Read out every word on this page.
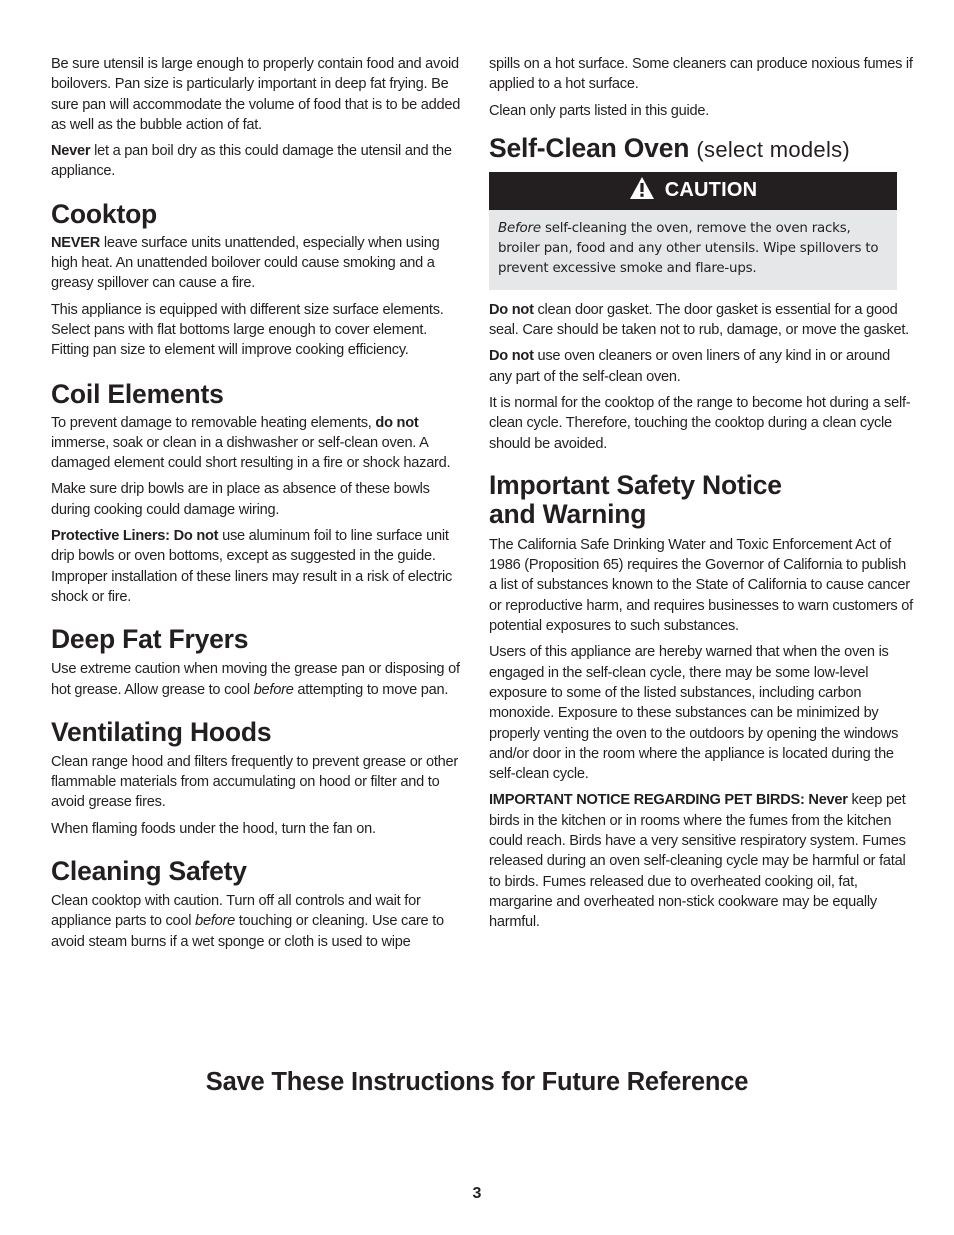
Be sure utensil is large enough to properly contain food and avoid boilovers. Pan size is particularly important in deep fat frying. Be sure pan will accommodate the volume of food that is to be added as well as the bubble action of fat.

Never let a pan boil dry as this could damage the utensil and the appliance.

Cooktop

NEVER leave surface units unattended, especially when using high heat. An unattended boilover could cause smoking and a greasy spillover can cause a fire.

This appliance is equipped with different size surface elements. Select pans with flat bottoms large enough to cover element. Fitting pan size to element will improve cooking efficiency.

Coil Elements

To prevent damage to removable heating elements, do not immerse, soak or clean in a dishwasher or self-clean oven. A damaged element could short resulting in a fire or shock hazard.

Make sure drip bowls are in place as absence of these bowls during cooking could damage wiring.

Protective Liners: Do not use aluminum foil to line surface unit drip bowls or oven bottoms, except as suggested in the guide. Improper installation of these liners may result in a risk of electric shock or fire.

Deep Fat Fryers

Use extreme caution when moving the grease pan or disposing of hot grease. Allow grease to cool before attempting to move pan.

Ventilating Hoods

Clean range hood and filters frequently to prevent grease or other flammable materials from accumulating on hood or filter and to avoid grease fires.

When flaming foods under the hood, turn the fan on.

Cleaning Safety

Clean cooktop with caution. Turn off all controls and wait for appliance parts to cool before touching or cleaning. Use care to avoid steam burns if a wet sponge or cloth is used to wipe

spills on a hot surface. Some cleaners can produce noxious fumes if applied to a hot surface.

Clean only parts listed in this guide.

Self-Clean Oven (select models)
CAUTION
Before self-cleaning the oven, remove the oven racks, broiler pan, food and any other utensils. Wipe spillovers to prevent excessive smoke and flare-ups.

Do not clean door gasket. The door gasket is essential for a good seal. Care should be taken not to rub, damage, or move the gasket.

Do not use oven cleaners or oven liners of any kind in or around any part of the self-clean oven.

It is normal for the cooktop of the range to become hot during a self-clean cycle. Therefore, touching the cooktop during a clean cycle should be avoided.

Important Safety Notice
and Warning

The California Safe Drinking Water and Toxic Enforcement Act of 1986 (Proposition 65) requires the Governor of California to publish a list of substances known to the State of California to cause cancer or reproductive harm, and requires businesses to warn customers of potential exposures to such substances.

Users of this appliance are hereby warned that when the oven is engaged in the self-clean cycle, there may be some low-level exposure to some of the listed substances, including carbon monoxide. Exposure to these substances can be minimized by properly venting the oven to the outdoors by opening the windows and/or door in the room where the appliance is located during the self-clean cycle.

IMPORTANT NOTICE REGARDING PET BIRDS: Never keep pet birds in the kitchen or in rooms where the fumes from the kitchen could reach. Birds have a very sensitive respiratory system. Fumes released during an oven self-cleaning cycle may be harmful or fatal to birds. Fumes released due to overheated cooking oil, fat, margarine and overheated non-stick cookware may be equally harmful.

Save These Instructions for Future Reference
3
